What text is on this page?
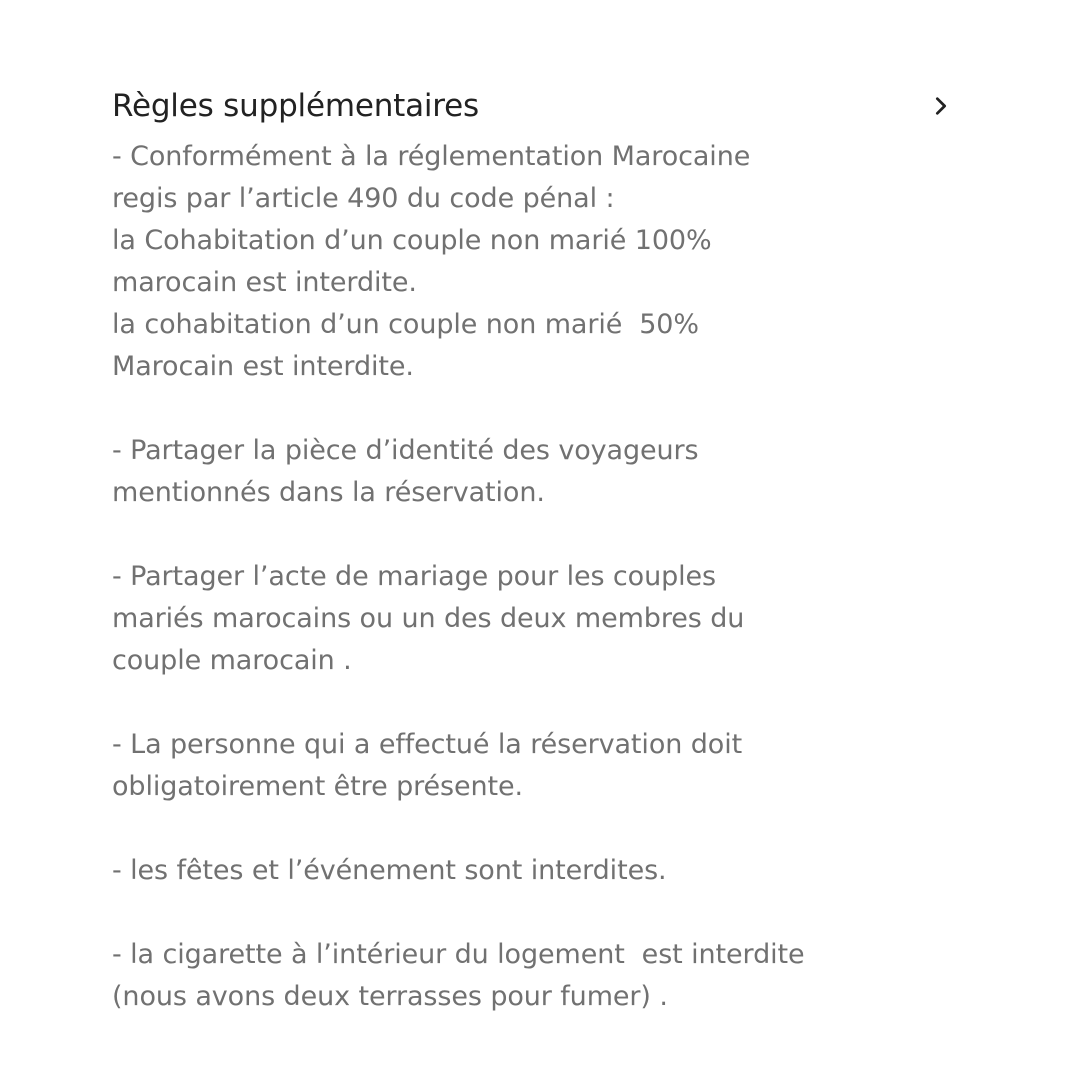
Règles supplémentaires
- Conformément à la réglementation Marocaine
regis par l’article 490 du code pénal :
la Cohabitation d’un couple non marié 100%
marocain est interdite.
la cohabitation d’un couple non marié  50%
Marocain est interdite.
- Partager la pièce d’identité des voyageurs
mentionnés dans la réservation.
- Partager l’acte de mariage pour les couples
mariés marocains ou un des deux membres du
couple marocain .
- La personne qui a effectué la réservation doit
obligatoirement être présente.
- les fêtes et l’événement sont interdites.
- la cigarette à l’intérieur du logement  est interdite
(nous avons deux terrasses pour fumer) .
